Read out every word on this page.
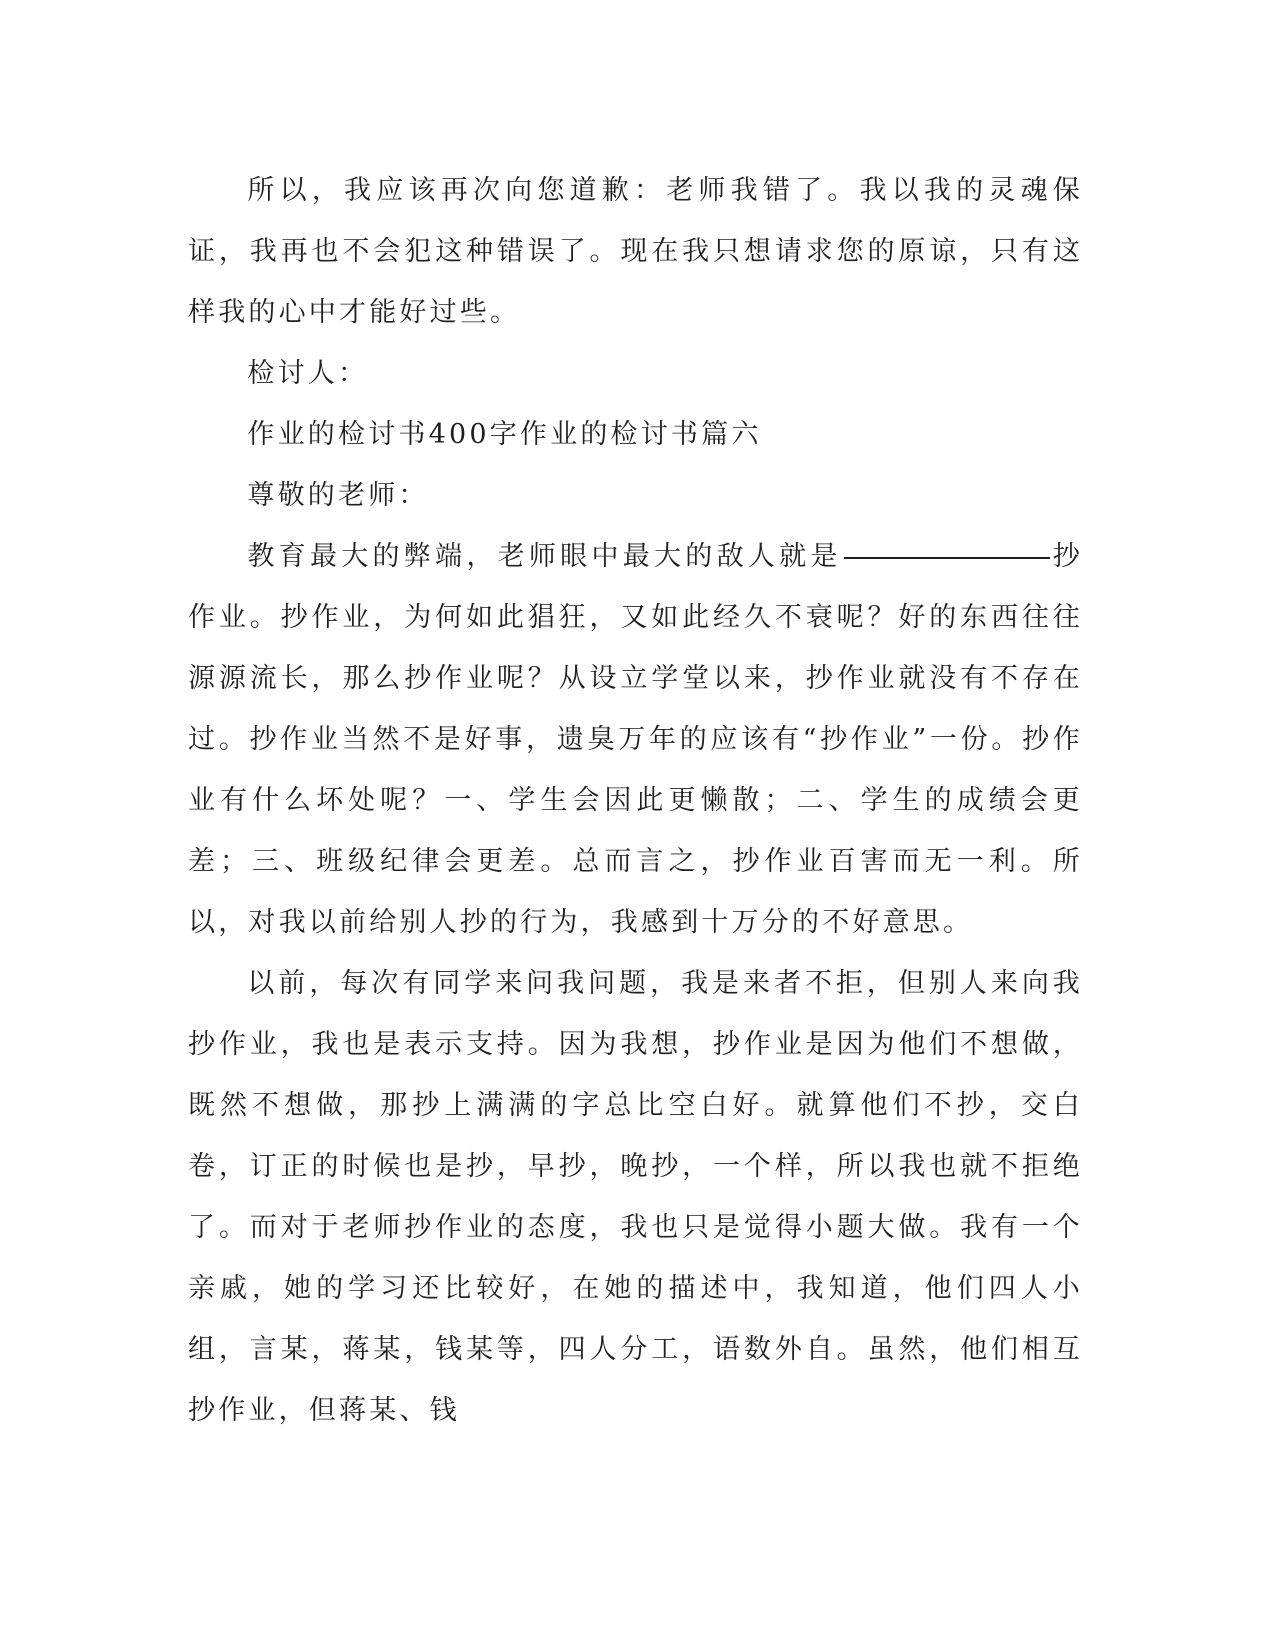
所以，我应该再次向您道歉：老师我错了。我以我的灵魂保证，我再也不会犯这种错误了。现在我只想请求您的原谅，只有这样我的心中才能好过些。

检讨人：

作业的检讨书400字作业的检讨书篇六

尊敬的老师：

教育最大的弊端，老师眼中最大的敌人就是	抄作业。抄作业，为何如此猖狂，又如此经久不衰呢？好的东西往往源源流长，那么抄作业呢？从设立学堂以来，抄作业就没有不存在过。抄作业当然不是好事，遗臭万年的应该有“抄作业”一份。抄作业有什么坏处呢？一、学生会因此更懒散；二、学生的成绩会更差；三、班级纪律会更差。总而言之，抄作业百害而无一利。所以，对我以前给别人抄的行为，我感到十万分的不好意思。

以前，每次有同学来问我问题，我是来者不拒，但别人来向我抄作业，我也是表示支持。因为我想，抄作业是因为他们不想做，既然不想做，那抄上满满的字总比空白好。就算他们不抄，交白卷，订正的时候也是抄，早抄，晚抄，一个样，所以我也就不拒绝了。而对于老师抄作业的态度，我也只是觉得小题大做。我有一个亲戚，她的学习还比较好，在她的描述中，我知道，他们四人小组，言某，蒋某，钱某等，四人分工，语数外自。虽然，他们相互抄作业，但蒋某、钱
